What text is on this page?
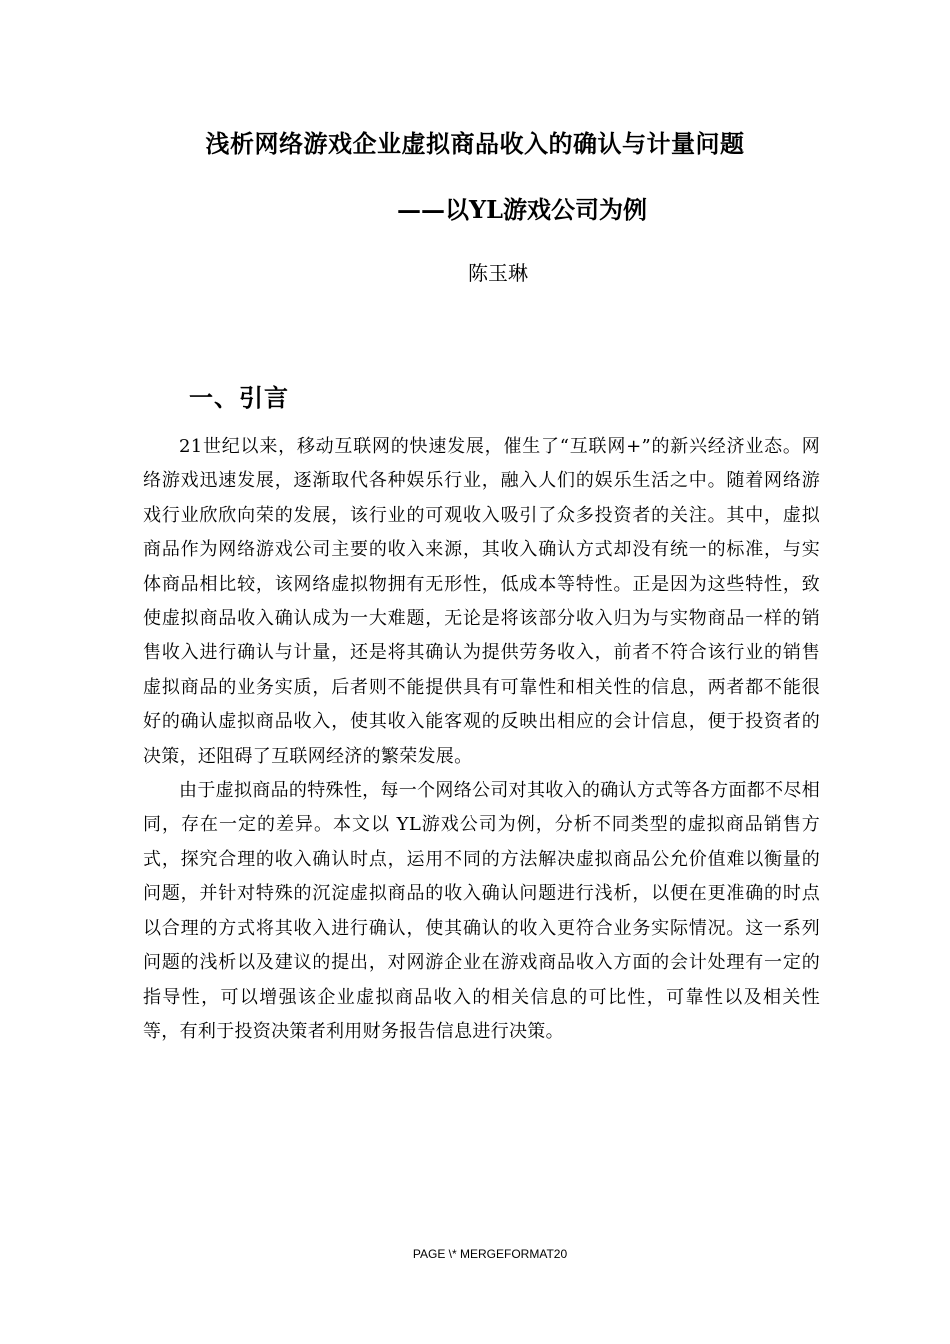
浅析网络游戏企业虚拟商品收入的确认与计量问题
——以YL游戏公司为例

陈玉琳

一、引言

21世纪以来，移动互联网的快速发展，催生了“互联网+”的新兴经济业态。网络游戏迅速发展，逐渐取代各种娱乐行业，融入人们的娱乐生活之中。随着网络游戏行业欣欣向荣的发展，该行业的可观收入吸引了众多投资者的关注。其中，虚拟商品作为网络游戏公司主要的收入来源，其收入确认方式却没有统一的标准，与实体商品相比较，该网络虚拟物拥有无形性，低成本等特性。正是因为这些特性，致使虚拟商品收入确认成为一大难题，无论是将该部分收入归为与实物商品一样的销售收入进行确认与计量，还是将其确认为提供劳务收入，前者不符合该行业的销售虚拟商品的业务实质，后者则不能提供具有可靠性和相关性的信息，两者都不能很好的确认虚拟商品收入，使其收入能客观的反映出相应的会计信息，便于投资者的决策，还阻碍了互联网经济的繁荣发展。

由于虚拟商品的特殊性，每一个网络公司对其收入的确认方式等各方面都不尽相同，存在一定的差异。本文以 YL游戏公司为例，分析不同类型的虚拟商品销售方式，探究合理的收入确认时点，运用不同的方法解决虚拟商品公允价值难以衡量的问题，并针对特殊的沉淀虚拟商品的收入确认问题进行浅析，以便在更准确的时点以合理的方式将其收入进行确认，使其确认的收入更符合业务实际情况。这一系列问题的浅析以及建议的提出，对网游企业在游戏商品收入方面的会计处理有一定的指导性，可以增强该企业虚拟商品收入的相关信息的可比性，可靠性以及相关性等，有利于投资决策者利用财务报告信息进行决策。

PAGE \* MERGEFORMAT20
